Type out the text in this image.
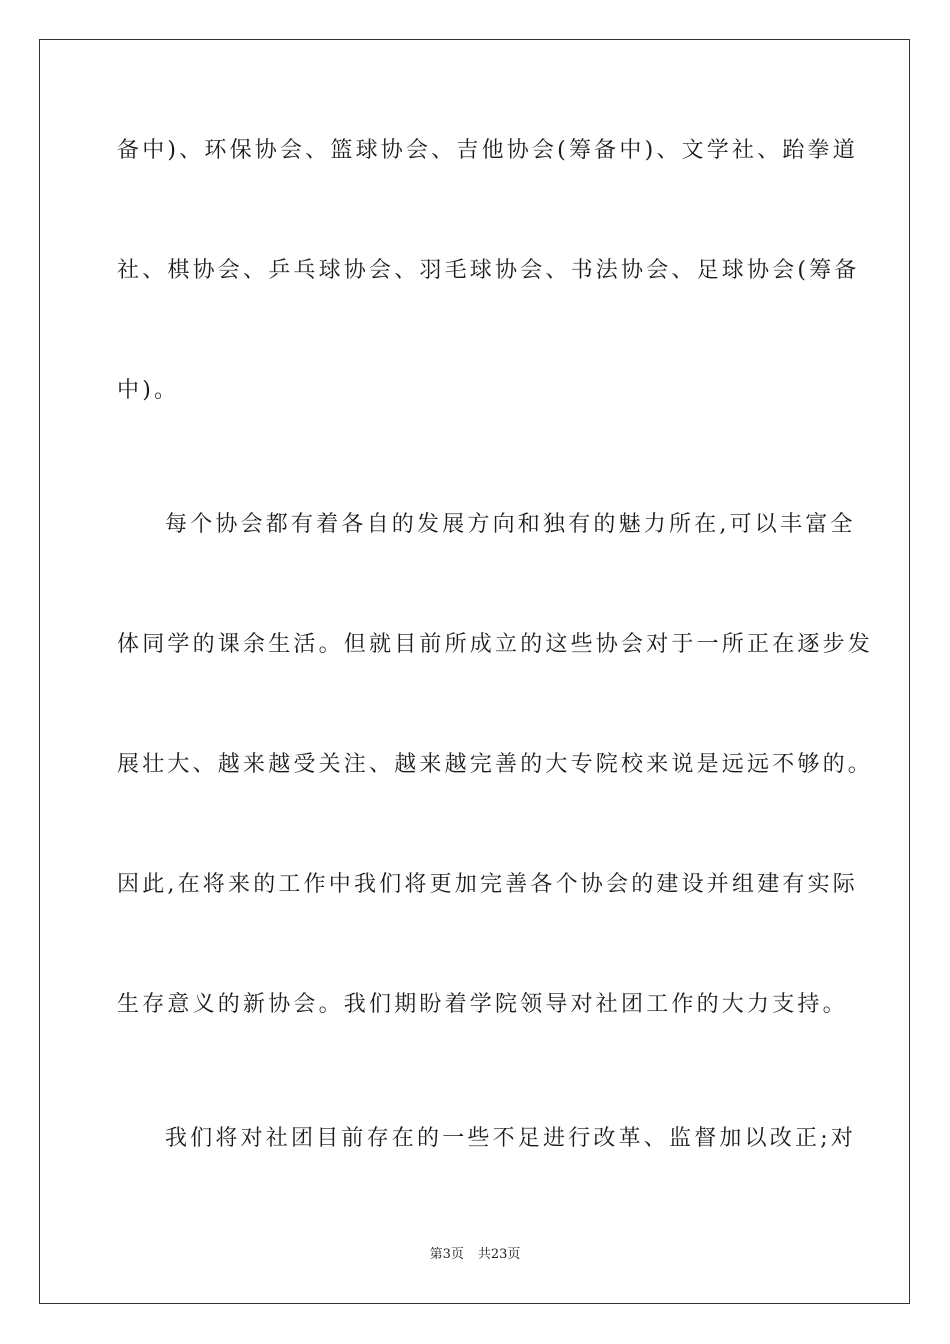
备中)、环保协会、篮球协会、吉他协会(筹备中)、文学社、跆拳道
社、棋协会、乒乓球协会、羽毛球协会、书法协会、足球协会(筹备
中)。
每个协会都有着各自的发展方向和独有的魅力所在,可以丰富全
体同学的课余生活。但就目前所成立的这些协会对于一所正在逐步发
展壮大、越来越受关注、越来越完善的大专院校来说是远远不够的。
因此,在将来的工作中我们将更加完善各个协会的建设并组建有实际
生存意义的新协会。我们期盼着学院领导对社团工作的大力支持。
我们将对社团目前存在的一些不足进行改革、监督加以改正;对
第3页 共23页
